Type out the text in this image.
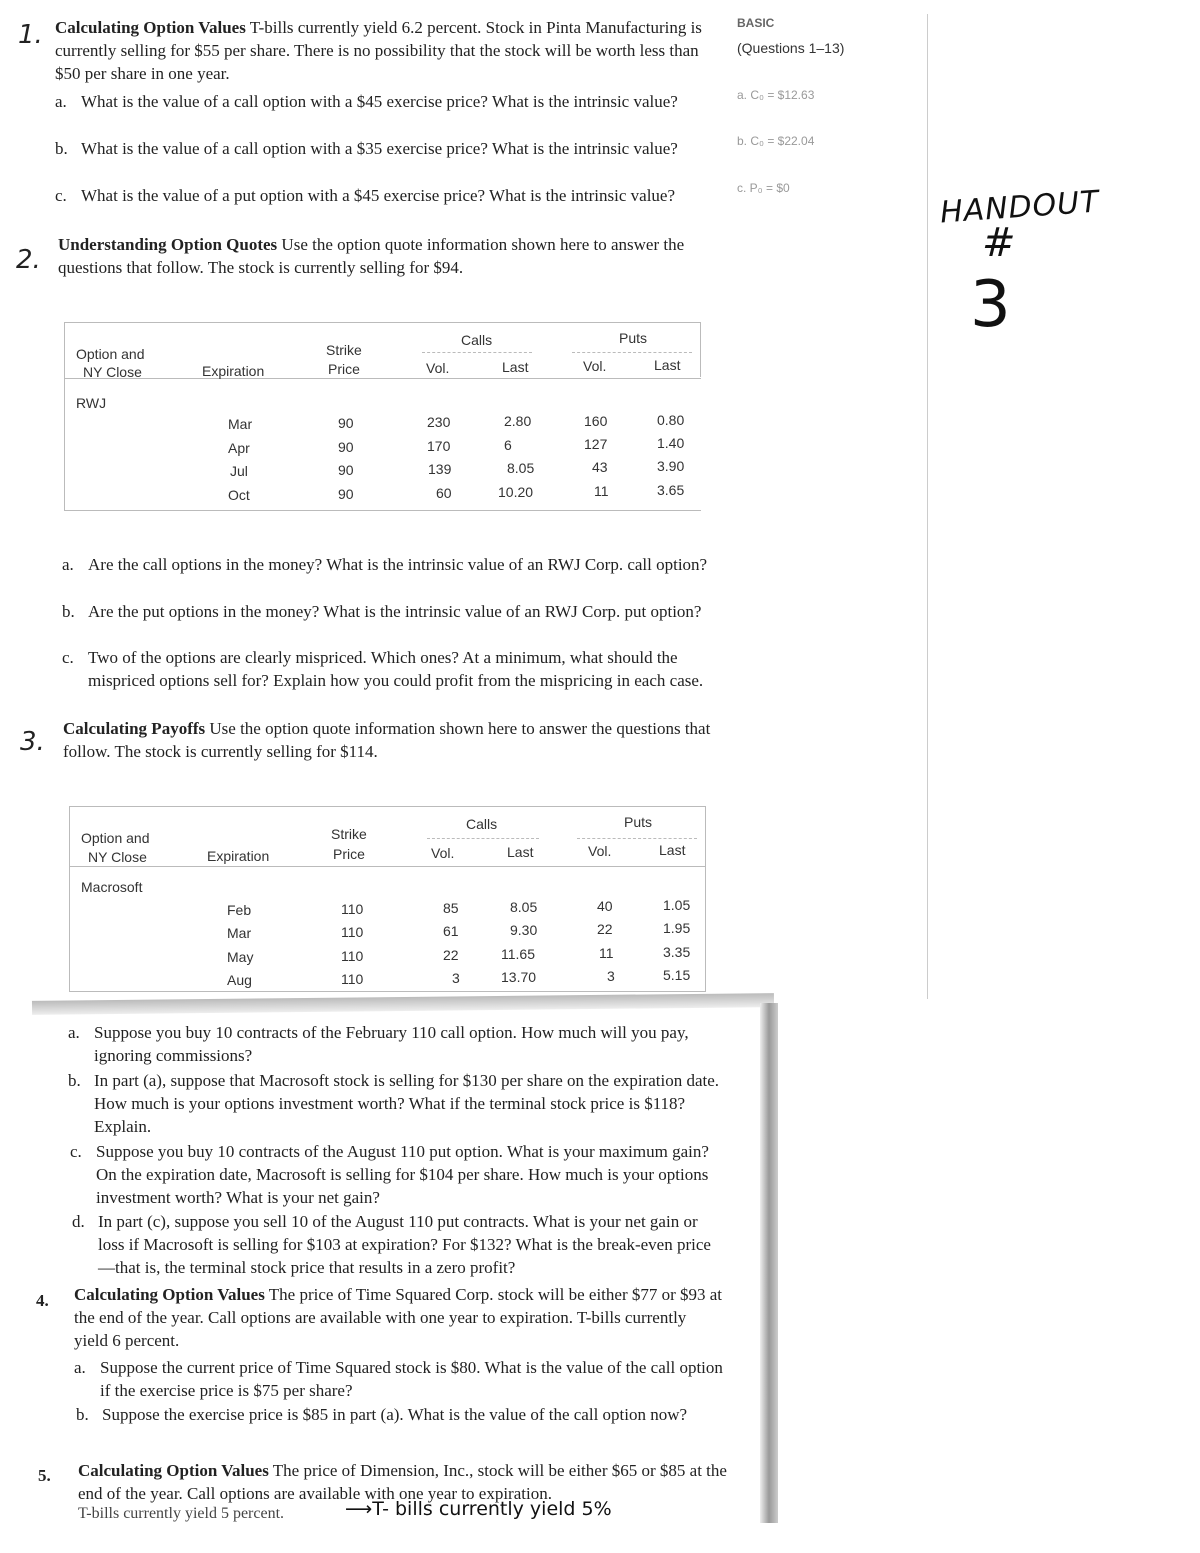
BASIC
(Questions 1–13)
a. C₀ = $12.63
b. C₀ = $22.04
c. P₀ = $0	HANDOUT
#
3
1. Calculating Option Values T-bills currently yield 6.2 percent. Stock in Pinta Manufacturing is currently selling for $55 per share. There is no possibility that the stock will be worth less than $50 per share in one year.
a. What is the value of a call option with a $45 exercise price? What is the intrinsic value?
b. What is the value of a call option with a $35 exercise price? What is the intrinsic value?
c. What is the value of a put option with a $45 exercise price? What is the intrinsic value?
2.
Understanding Option Quotes Use the option quote information shown here to answer the questions that follow. The stock is currently selling for $94.
Option and
NY Close	Expiration
Strike
Price
Calls	Puts
Vol.	Last	Vol.	Last
RWJ
Mar	90	230	2.80	160	0.80
Apr	90	170	6	127	1.40
Jul	90	139	8.05	43	3.90
Oct	90	60	10.20	11	3.65
a. Are the call options in the money? What is the intrinsic value of an RWJ Corp. call option?
b. Are the put options in the money? What is the intrinsic value of an RWJ Corp. put option?
c. Two of the options are clearly mispriced. Which ones? At a minimum, what should the mispriced options sell for? Explain how you could profit from the mispricing in each case.
3. Calculating Payoffs Use the option quote information shown here to answer the questions that follow. The stock is currently selling for $114.
Option and
NY Close	Expiration
Strike
Price
Calls	Puts
Vol.	Last	Vol.	Last
Macrosoft
Feb	110	85	8.05	40	1.05
Mar	110	61	9.30	22	1.95
May	110	22	11.65	11	3.35
Aug	110	3	13.70	3	5.15
a. Suppose you buy 10 contracts of the February 110 call option. How much will you pay, ignoring commissions?
b. In part (a), suppose that Macrosoft stock is selling for $130 per share on the expiration date. How much is your options investment worth? What if the terminal stock price is $118? Explain.
c. Suppose you buy 10 contracts of the August 110 put option. What is your maximum gain? On the expiration date, Macrosoft is selling for $104 per share. How much is your options investment worth? What is your net gain?
d. In part (c), suppose you sell 10 of the August 110 put contracts. What is your net gain or loss if Macrosoft is selling for $103 at expiration? For $132? What is the break-even price—that is, the terminal stock price that results in a zero profit?
4. Calculating Option Values The price of Time Squared Corp. stock will be either $77 or $93 at the end of the year. Call options are available with one year to expiration. T-bills currently yield 6 percent.
a. Suppose the current price of Time Squared stock is $80. What is the value of the call option if the exercise price is $75 per share?
b. Suppose the exercise price is $85 in part (a). What is the value of the call option now?
5. Calculating Option Values The price of Dimension, Inc., stock will be either $65 or $85 at the end of the year. Call options are available with one year to expiration.
T-bills currently yield 5 percent.	⟶T- bills currently yield 5%
